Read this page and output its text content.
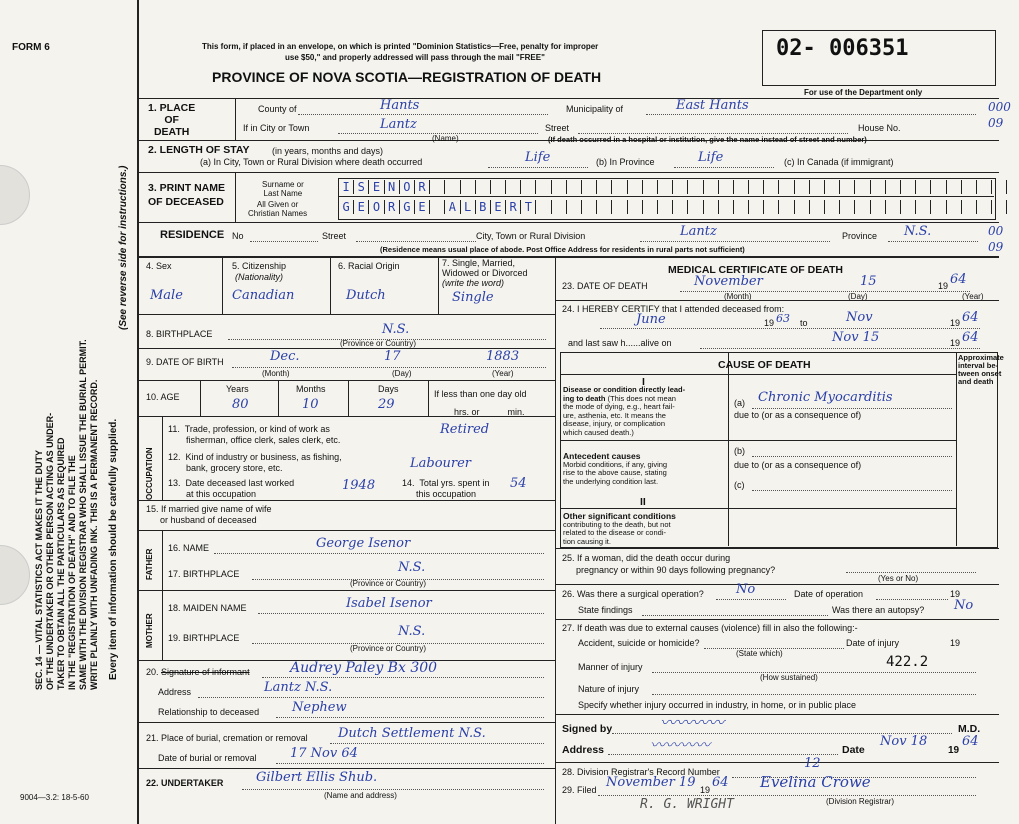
FORM 6	This form, if placed in an envelope, on which is printed "Dominion Statistics—Free, penalty for improper
use $50," and properly addressed will pass through the mail "FREE"
PROVINCE OF NOVA SCOTIA—REGISTRATION OF DEATH
02- 006351
For use of the Department only
SEC. 14 — VITAL STATISTICS ACT MAKES IT THE DUTY OF THE UNDERTAKER OR OTHER PERSON ACTING AS UNDER- TAKER TO OBTAIN ALL THE PARTICULARS AS REQUIRED IN THE "REGISTRATION OF DEATH" AND TO FILE THE SAME WITH THE DIVISION REGISTRAR WHO SHALL ISSUE THE BURIAL PERMIT. WRITE PLAINLY WITH UNFADING INK. THIS IS A PERMANENT RECORD. Every item of information should be carefully supplied.
(See reverse side for instructions.)
9004—3.2: 18-5-60
000
09
00
09
1. PLACE
OF
DEATH
County of	Hants	Municipality of	East Hants
If in City or Town	Lantz
(Name)
Street	House No.
(If death occurred in a hospital or institution, give the name instead of street and number)
2. LENGTH OF STAY (in years, months and days)
(a) In City, Town or Rural Division where death occurred	Life	(b) In Province	Life	(c) In Canada (if immigrant)
3. PRINT NAME
OF DECEASED
Surname or
Last Name
All Given or
Christian Names
I S E N O R
G E O R G E	A L B E R T
RESIDENCE No	Street	City, Town or Rural Division	Lantz	Province N.S.
(Residence means usual place of abode. Post Office Address for residents in rural parts not sufficient)
4. Sex
Male
5. Citizenship
(Nationality)
Canadian
6. Racial Origin
Dutch
7. Single, Married,
Widowed or Divorced
(write the word)
Single
8. BIRTHPLACE	N.S.
(Province or Country)
9. DATE OF BIRTH	Dec.	17	1883
(Month)	(Day)	(Year)
10. AGE
Years	Months	Days
80	10	29
If less than one day old
hrs. or	min.
OCCUPATION
11.  Trade, profession, or kind of work as
fisherman, office clerk, sales clerk, etc.
Retired
12.  Kind of industry or business, as fishing,
bank, grocery store, etc.	Labourer
13.  Date deceased last worked
at this occupation
1948	14.  Total yrs. spent in
this occupation
54
15. If married give name of wife
or husband of deceased
FATHER
MOTHER
16. NAME	George Isenor
17. BIRTHPLACE	N.S.
(Province or Country)
18. MAIDEN NAME	Isabel Isenor
19. BIRTHPLACE	N.S.
(Province or Country)
20. Signature of informant	Audrey Paley Bx 300
Address	Lantz N.S.
Relationship to deceased	Nephew
21. Place of burial, cremation or removal Dutch Settlement N.S.
Date of burial or removal	17 Nov 64
22. UNDERTAKER	Gilbert Ellis Shub.
(Name and address)
MEDICAL CERTIFICATE OF DEATH
23. DATE OF DEATH	November	15	19 64
(Month)	(Day)	(Year)
24. I HEREBY CERTIFY that I attended deceased from:
June	19 63 to	Nov	19 64
and last saw h......alive on	Nov 15	19 64
CAUSE OF DEATH
Approximate
interval be-
tween onset
and death
I
Disease or condition directly lead-
ing to death (This does not mean
the mode of dying, e.g., heart fail-
ure, asthenia, etc. It means the
disease, injury, or complication
which caused death.)
(a) Chronic Myocarditis
due to (or as a consequence of)
Antecedent causes
Morbid conditions, if any, giving
rise to the above cause, stating
the underlying condition last.
(b)
due to (or as a consequence of)
(c)
II
Other significant conditions
contributing to the death, but not
related to the disease or condi-
tion causing it.
25. If a woman, did the death occur during
pregnancy or within 90 days following pregnancy?
(Yes or No)
26. Was there a surgical operation? No	Date of operation	19
State findings	Was there an autopsy? No
27. If death was due to external causes (violence) fill in also the following:-
Accident, suicide or homicide?	Date of injury	19
(State which)
Manner of injury	422.2
(How sustained)
Nature of injury
Specify whether injury occurred in industry, in home, or in public place
Signed by	〰〰〰〰	M.D.
Address	〰〰〰〰	Date
Nov 18
19
64
28. Division Registrar's Record Number
12
29. Filed November 19 19 64 Evelina Crowe
(Division Registrar)
R. G. WRIGHT
